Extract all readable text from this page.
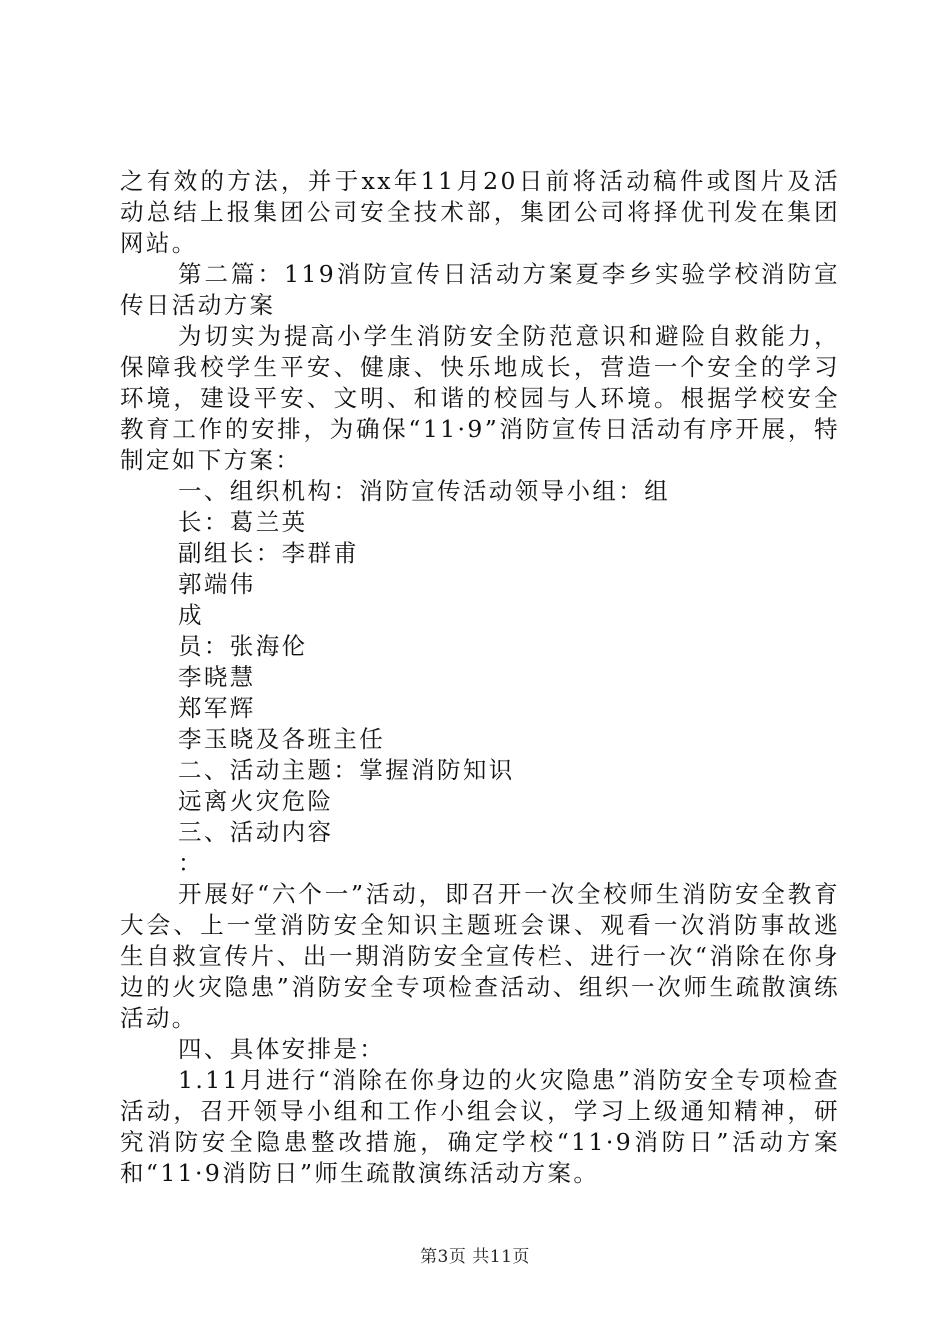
之有效的方法，并于xx年11月20日前将活动稿件或图片及活动总结上报集团公司安全技术部，集团公司将择优刊发在集团网站。

第二篇：119消防宣传日活动方案夏李乡实验学校消防宣传日活动方案

为切实为提高小学生消防安全防范意识和避险自救能力，保障我校学生平安、健康、快乐地成长，营造一个安全的学习环境，建设平安、文明、和谐的校园与人环境。根据学校安全教育工作的安排，为确保“11·9”消防宣传日活动有序开展，特制定如下方案：

一、组织机构：消防宣传活动领导小组：组

长：葛兰英

副组长：李群甫

郭端伟

成

员：张海伦

李晓慧

郑军辉

李玉晓及各班主任

二、活动主题：掌握消防知识

远离火灾危险

三、活动内容

：

开展好“六个一”活动，即召开一次全校师生消防安全教育大会、上一堂消防安全知识主题班会课、观看一次消防事故逃生自救宣传片、出一期消防安全宣传栏、进行一次“消除在你身边的火灾隐患”消防安全专项检查活动、组织一次师生疏散演练活动。

四、具体安排是：

1.11月进行“消除在你身边的火灾隐患”消防安全专项检查活动，召开领导小组和工作小组会议，学习上级通知精神，研究消防安全隐患整改措施，确定学校“11·9消防日”活动方案和“11·9消防日”师生疏散演练活动方案。

第3页 共11页
